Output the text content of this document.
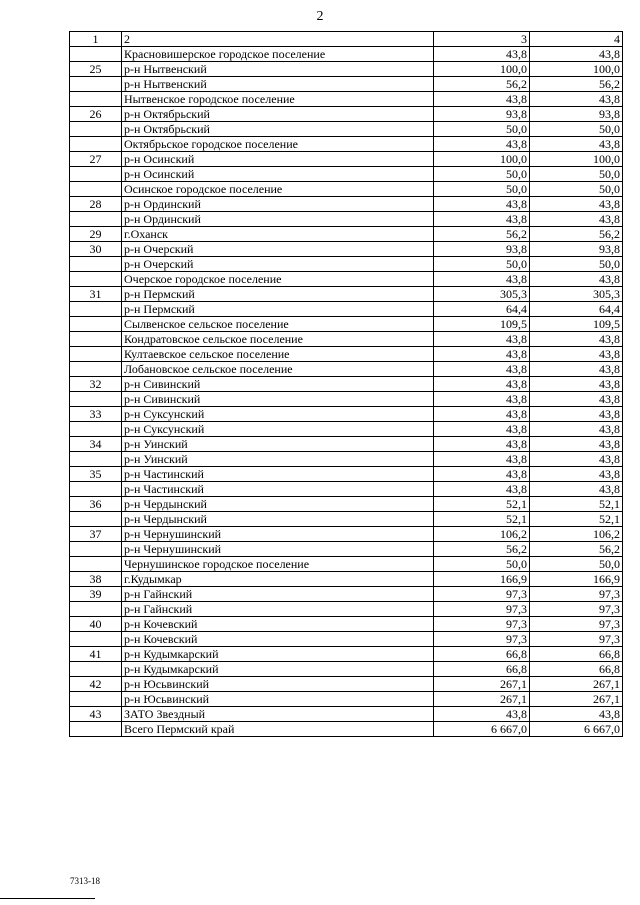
2
1	2	3	4
	Красновишерское городское поселение	43,8	43,8
25	р-н Нытвенский	100,0	100,0
	р-н Нытвенский	56,2	56,2
	Нытвенское городское поселение	43,8	43,8
26	р-н Октябрьский	93,8	93,8
	р-н Октябрьский	50,0	50,0
	Октябрьское городское поселение	43,8	43,8
27	р-н Осинский	100,0	100,0
	р-н Осинский	50,0	50,0
	Осинское городское поселение	50,0	50,0
28	р-н Ординский	43,8	43,8
	р-н Ординский	43,8	43,8
29	г.Оханск	56,2	56,2
30	р-н Очерский	93,8	93,8
	р-н Очерский	50,0	50,0
	Очерское городское поселение	43,8	43,8
31	р-н Пермский	305,3	305,3
	р-н Пермский	64,4	64,4
	Сылвенское сельское поселение	109,5	109,5
	Кондратовское сельское поселение	43,8	43,8
	Култаевское сельское поселение	43,8	43,8
	Лобановское сельское поселение	43,8	43,8
32	р-н Сивинский	43,8	43,8
	р-н Сивинский	43,8	43,8
33	р-н Суксунский	43,8	43,8
	р-н Суксунский	43,8	43,8
34	р-н Уинский	43,8	43,8
	р-н Уинский	43,8	43,8
35	р-н Частинский	43,8	43,8
	р-н Частинский	43,8	43,8
36	р-н Чердынский	52,1	52,1
	р-н Чердынский	52,1	52,1
37	р-н Чернушинский	106,2	106,2
	р-н Чернушинский	56,2	56,2
	Чернушинское городское поселение	50,0	50,0
38	г.Кудымкар	166,9	166,9
39	р-н Гайнский	97,3	97,3
	р-н Гайнский	97,3	97,3
40	р-н Кочевский	97,3	97,3
	р-н Кочевский	97,3	97,3
41	р-н Кудымкарский	66,8	66,8
	р-н Кудымкарский	66,8	66,8
42	р-н Юсьвинский	267,1	267,1
	р-н Юсьвинский	267,1	267,1
43	ЗАТО Звездный	43,8	43,8
	Всего Пермский край	6 667,0	6 667,0
7313-18
